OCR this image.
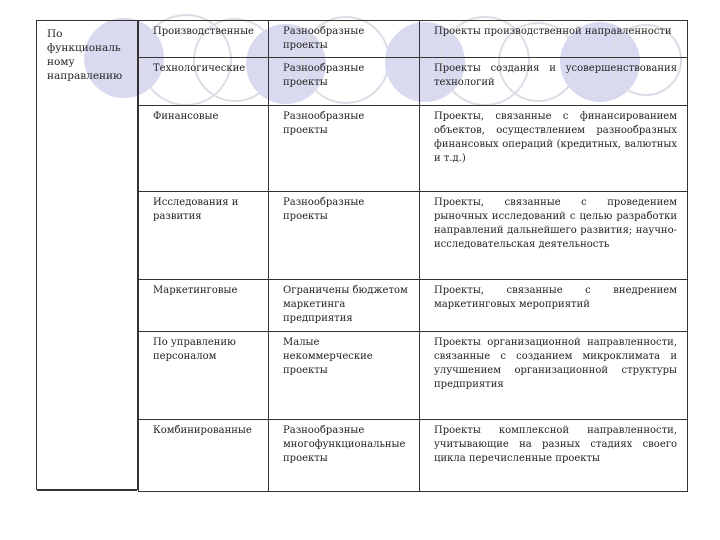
По функциональ ному направлению
Производственные	Разнообразные проекты	Проекты производственной направленности
Технологические	Разнообразные проекты	Проекты создания и усовершенствования технологий
Финансовые	Разнообразные проекты	Проекты, связанные с финансированием объектов, осуществлением разнообразных финансовых операций (кредитных, валютных и т.д.)
Исследования и развития	Разнообразные проекты	Проекты, связанные с проведением рыночных исследований с целью разработки направлений дальнейшего развития; научно-исследовательская деятельность
Маркетинговые	Ограничены бюджетом маркетинга предприятия	Проекты, связанные с внедрением маркетинговых мероприятий
По управлению персоналом	Малые некоммерческие проекты	Проекты организационной направленности, связанные с созданием микроклимата и улучшением организационной структуры предприятия
Комбинированные	Разнообразные многофункциональные проекты	Проекты комплексной направленности, учитывающие на разных стадиях своего цикла перечисленные проекты
